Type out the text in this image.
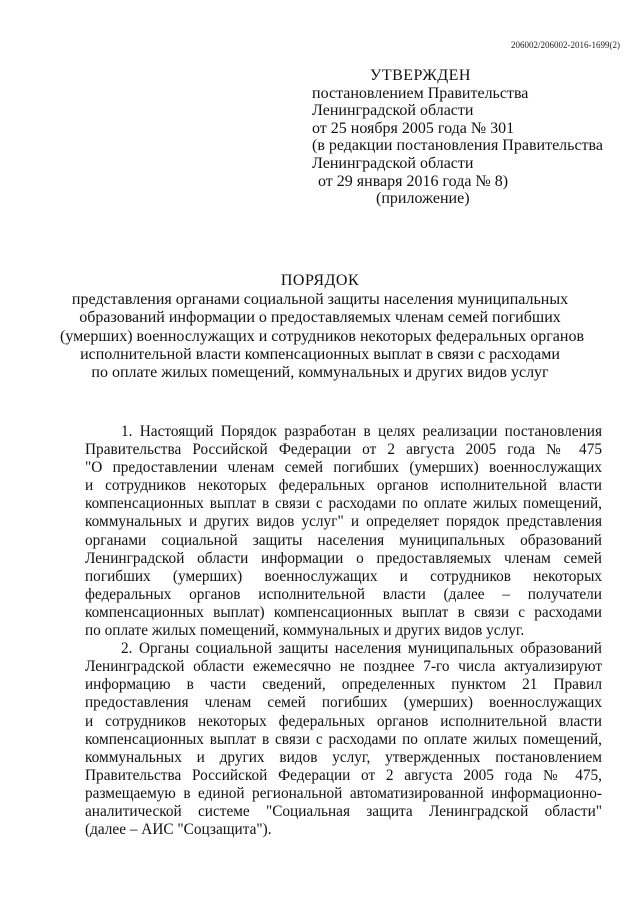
206002/206002-2016-1699(2)
УТВЕРЖДЕН
постановлением Правительства
Ленинградской области
от 25 ноября 2005 года № 301
(в редакции постановления Правительства
Ленинградской области
от 29 января 2016 года № 8)
(приложение)
ПОРЯДОК
представления органами социальной защиты населения муниципальных
образований информации о предоставляемых членам семей погибших
(умерших) военнослужащих и сотрудников некоторых федеральных органов
исполнительной власти компенсационных выплат в связи с расходами
по оплате жилых помещений, коммунальных и других видов услуг
1. Настоящий Порядок разработан в целях реализации постановления
Правительства Российской Федерации от 2 августа 2005 года № 475
"О предоставлении членам семей погибших (умерших) военнослужащих
и сотрудников некоторых федеральных органов исполнительной власти
компенсационных выплат в связи с расходами по оплате жилых помещений,
коммунальных и других видов услуг" и определяет порядок представления
органами социальной защиты населения муниципальных образований
Ленинградской области информации о предоставляемых членам семей
погибших (умерших) военнослужащих и сотрудников некоторых
федеральных органов исполнительной власти (далее – получатели
компенсационных выплат) компенсационных выплат в связи с расходами
по оплате жилых помещений, коммунальных и других видов услуг.
2. Органы социальной защиты населения муниципальных образований
Ленинградской области ежемесячно не позднее 7-го числа актуализируют
информацию в части сведений, определенных пунктом 21 Правил
предоставления членам семей погибших (умерших) военнослужащих
и сотрудников некоторых федеральных органов исполнительной власти
компенсационных выплат в связи с расходами по оплате жилых помещений,
коммунальных и других видов услуг, утвержденных постановлением
Правительства Российской Федерации от 2 августа 2005 года № 475,
размещаемую в единой региональной автоматизированной информационно-
аналитической системе "Социальная защита Ленинградской области"
(далее – АИС "Соцзащита").
